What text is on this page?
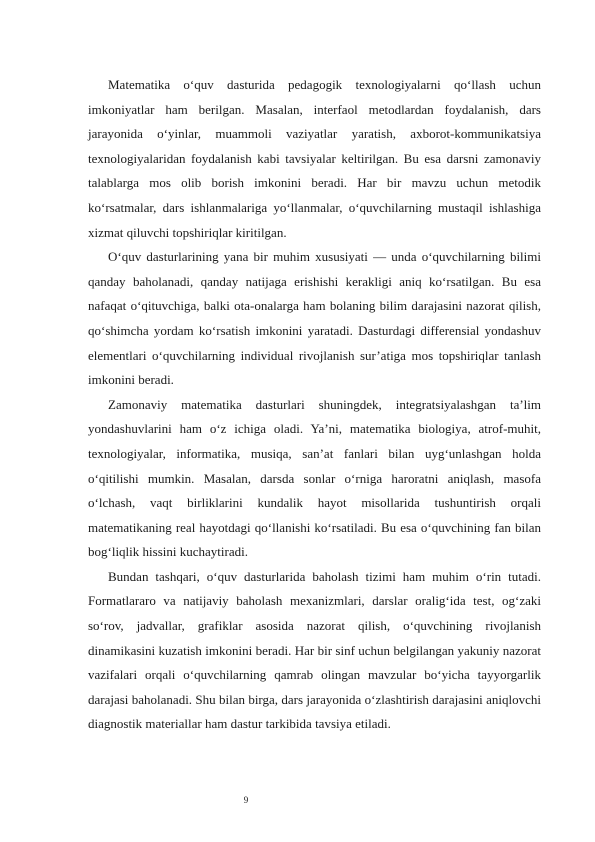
Matematika o‘quv dasturida pedagogik texnologiyalarni qo‘llash uchun imkoniyatlar ham berilgan. Masalan, interfaol metodlardan foydalanish, dars jarayonida o‘yinlar, muammoli vaziyatlar yaratish, axborot-kommunikatsiya texnologiyalaridan foydalanish kabi tavsiyalar keltirilgan. Bu esa darsni zamonaviy talablarga mos olib borish imkonini beradi. Har bir mavzu uchun metodik ko‘rsatmalar, dars ishlanmalariga yo‘llanmalar, o‘quvchilarning mustaqil ishlashiga xizmat qiluvchi topshiriqlar kiritilgan.

O‘quv dasturlarining yana bir muhim xususiyati — unda o‘quvchilarning bilimi qanday baholanadi, qanday natijaga erishishi kerakligi aniq ko‘rsatilgan. Bu esa nafaqat o‘qituvchiga, balki ota-onalarga ham bolaning bilim darajasini nazorat qilish, qo‘shimcha yordam ko‘rsatish imkonini yaratadi. Dasturdagi differensial yondashuv elementlari o‘quvchilarning individual rivojlanish sur’atiga mos topshiriqlar tanlash imkonini beradi.

Zamonaviy matematika dasturlari shuningdek, integratsiyalashgan ta’lim yondashuvlarini ham o‘z ichiga oladi. Ya’ni, matematika biologiya, atrof-muhit, texnologiyalar, informatika, musiqa, san’at fanlari bilan uyg‘unlashgan holda o‘qitilishi mumkin. Masalan, darsda sonlar o‘rniga haroratni aniqlash, masofa o‘lchash, vaqt birliklarini kundalik hayot misollarida tushuntirish orqali matematikaning real hayotdagi qo‘llanishi ko‘rsatiladi. Bu esa o‘quvchining fan bilan bog‘liqlik hissini kuchaytiradi.

Bundan tashqari, o‘quv dasturlarida baholash tizimi ham muhim o‘rin tutadi. Formatlararo va natijaviy baholash mexanizmlari, darslar oralig‘ida test, og‘zaki so‘rov, jadvallar, grafiklar asosida nazorat qilish, o‘quvchining rivojlanish dinamikasini kuzatish imkonini beradi. Har bir sinf uchun belgilangan yakuniy nazorat vazifalari orqali o‘quvchilarning qamrab olingan mavzular bo‘yicha tayyorgarlik darajasi baholanadi. Shu bilan birga, dars jarayonida o‘zlashtirish darajasini aniqlovchi diagnostik materiallar ham dastur tarkibida tavsiya etiladi.

9
